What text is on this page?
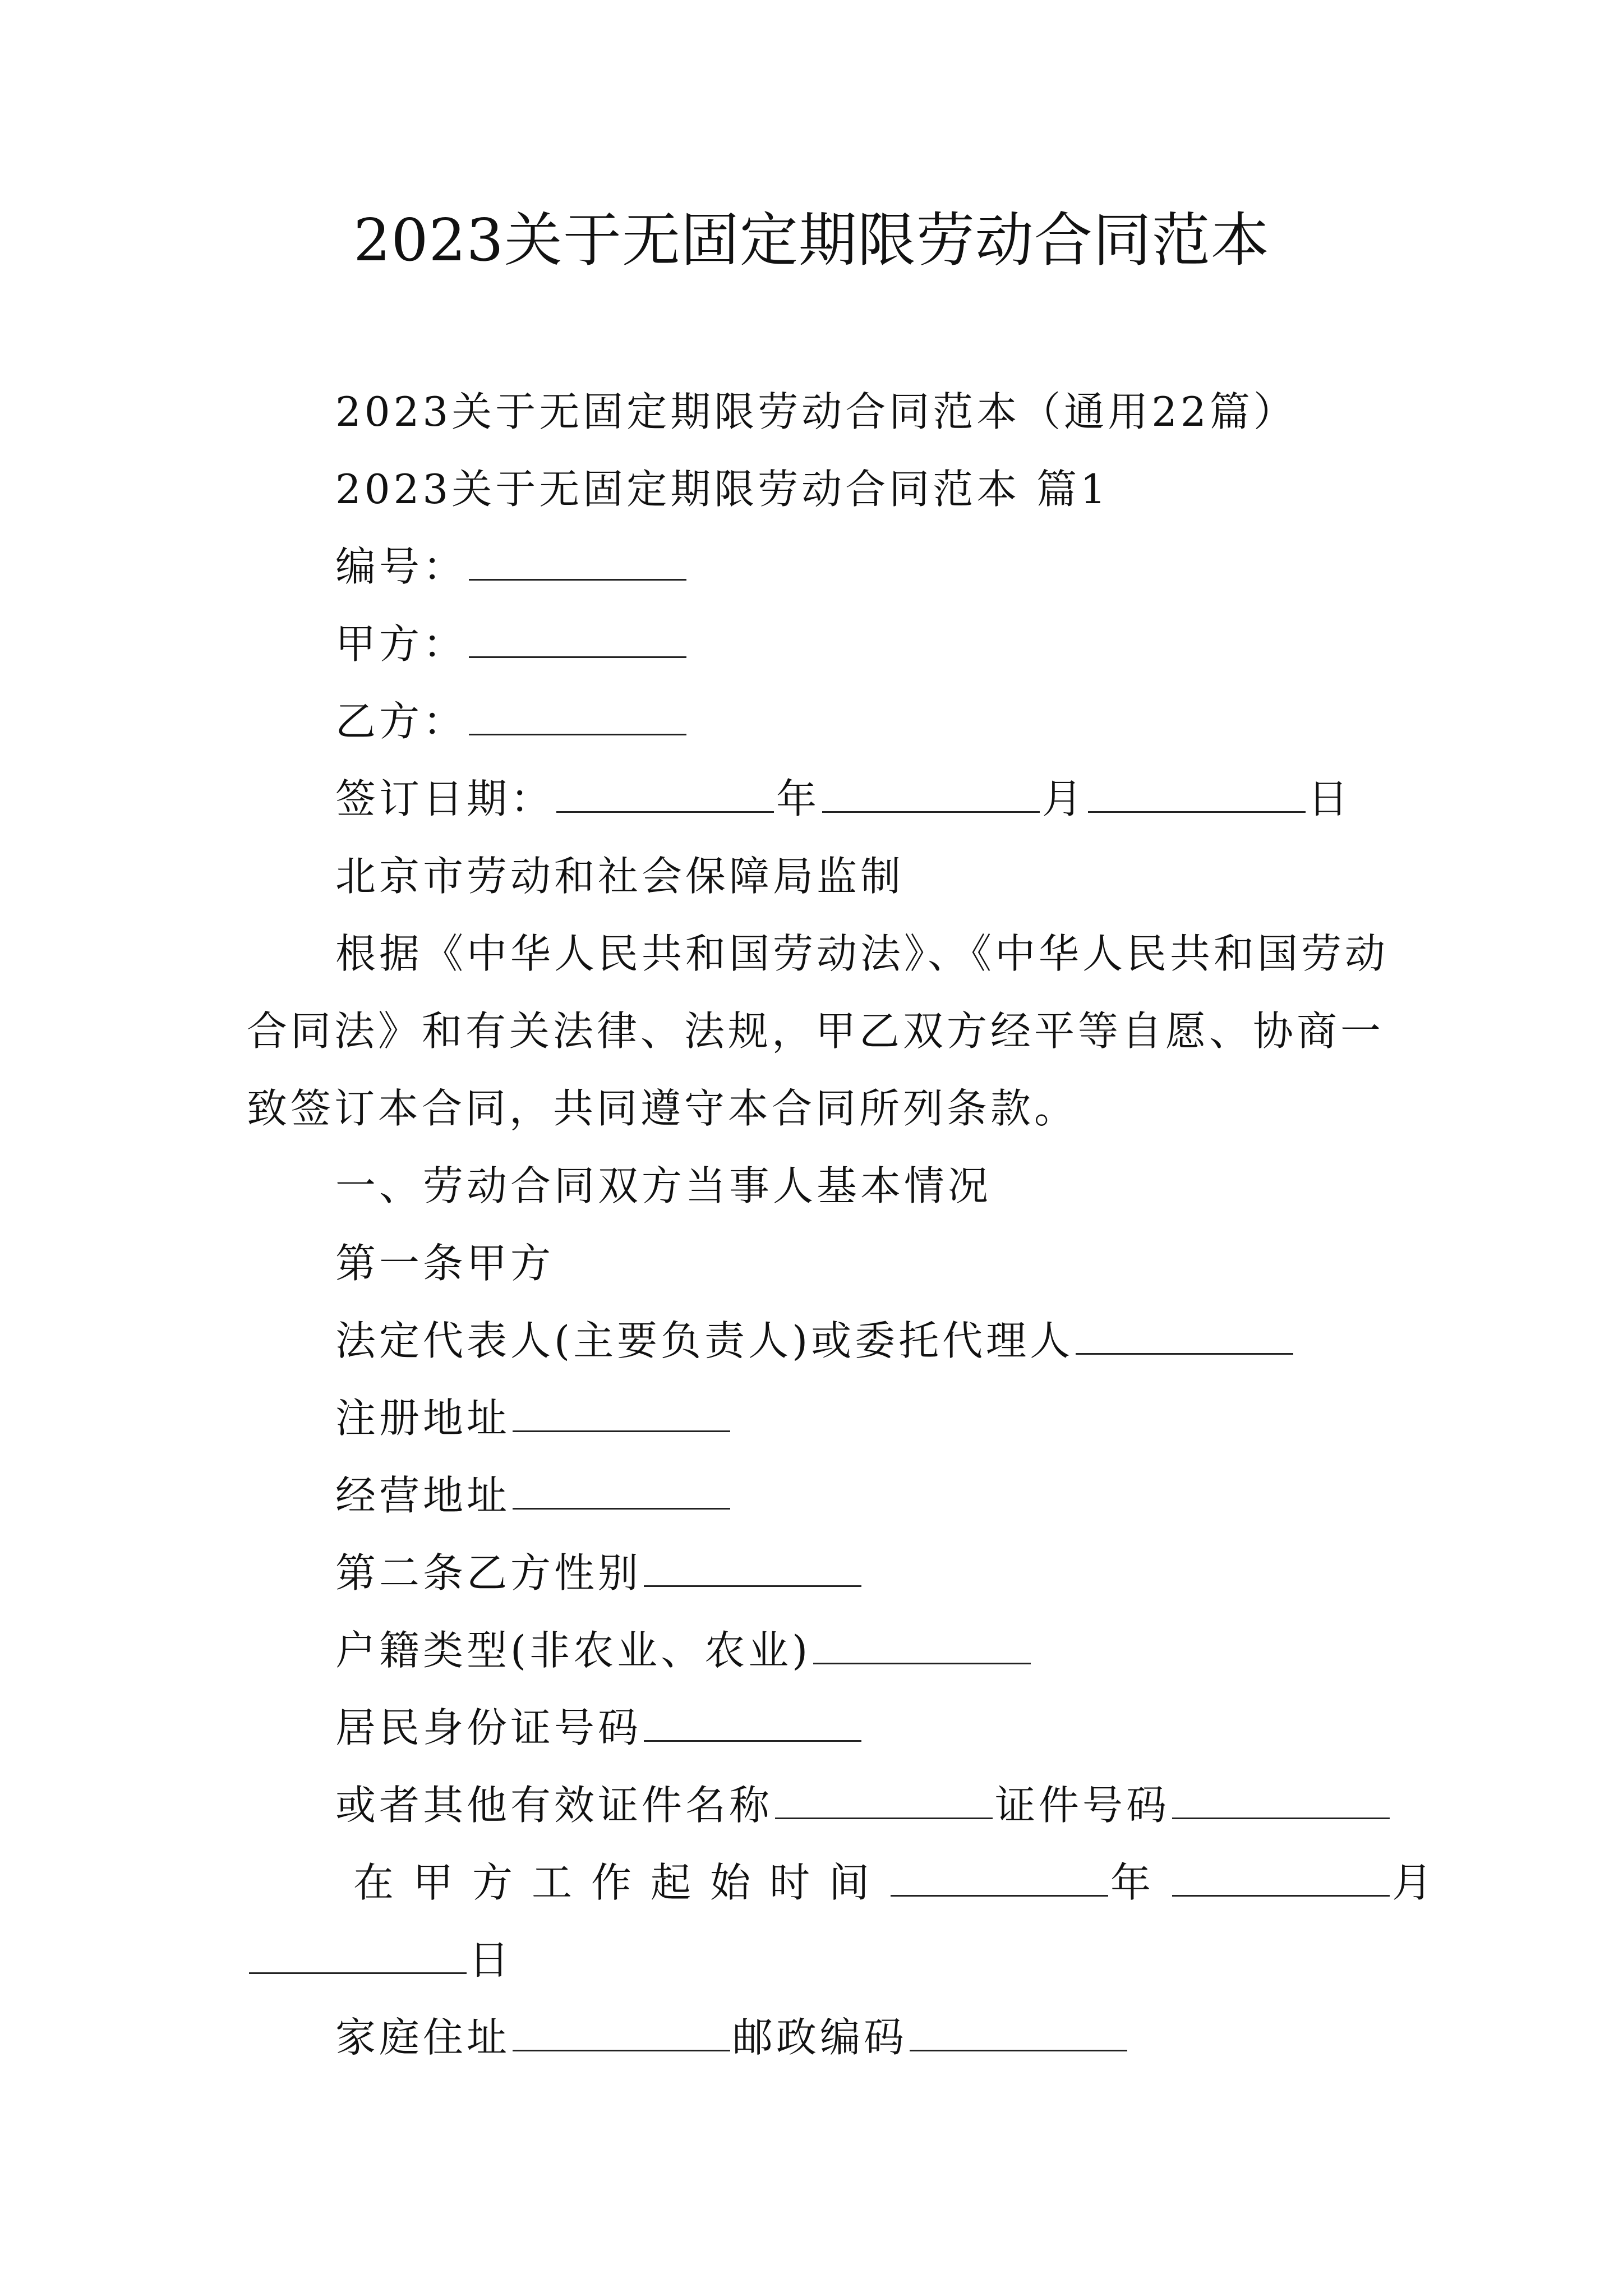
2023关于无固定期限劳动合同范本
2023关于无固定期限劳动合同范本（通用22篇）
2023关于无固定期限劳动合同范本 篇1
编号：
甲方：
乙方：
签订日期：	年	月	日
北京市劳动和社会保障局监制
根据《中华人民共和国劳动法》、《中华人民共和国劳动
合同法》和有关法律、法规，甲乙双方经平等自愿、协商一
致签订本合同，共同遵守本合同所列条款。
一、劳动合同双方当事人基本情况
第一条甲方
法定代表人(主要负责人)或委托代理人
注册地址
经营地址
第二条乙方性别
户籍类型(非农业、农业)
居民身份证号码
或者其他有效证件名称	证件号码
在甲方工作起始时间	年	月
日
家庭住址	邮政编码
